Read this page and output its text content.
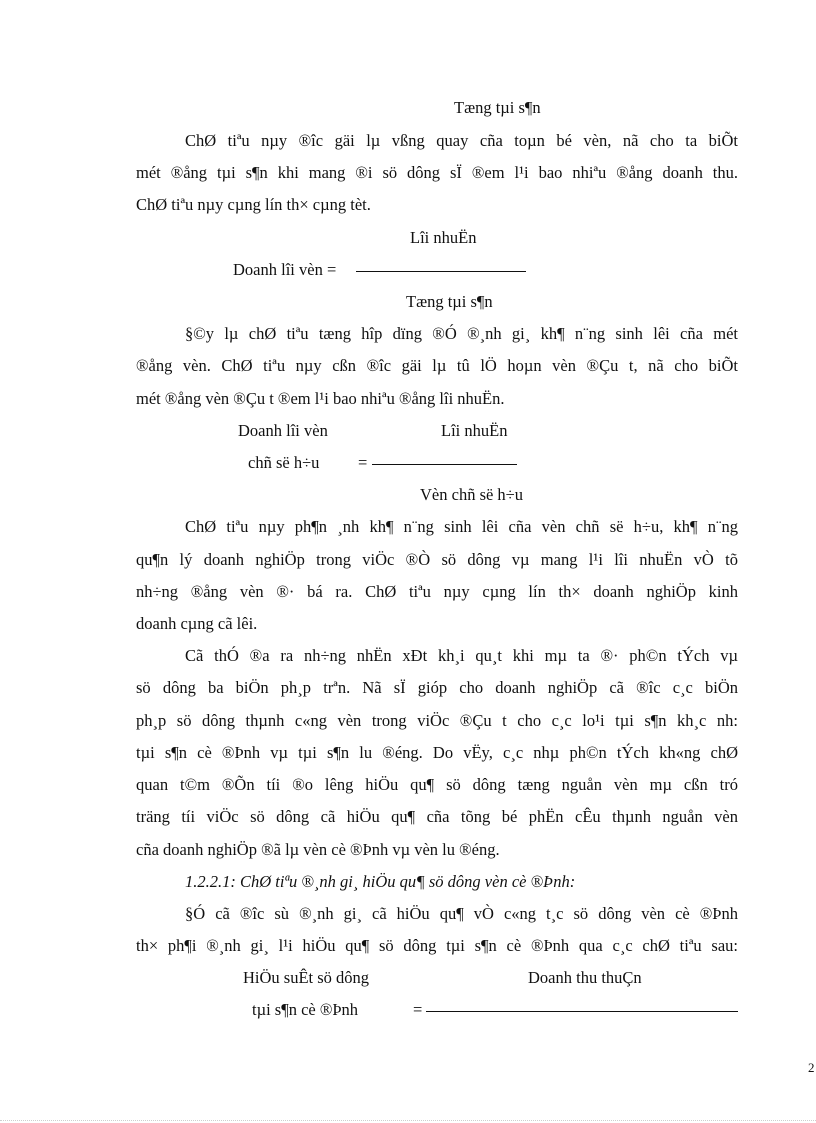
Tæng tµi s¶n
ChØ tiªu nµy ®îc gäi lµ vßng quay cña toµn bé vèn, nã cho ta biÕt
mét ®ång tµi s¶n khi mang ®i sö dông sÏ ®em l¹i bao nhiªu ®ång doanh thu.
ChØ tiªu nµy cµng lín th× cµng tèt.
Lîi nhuËn
Doanh lîi vèn =
Tæng tµi s¶n
§©y lµ chØ tiªu tæng hîp dïng ®Ó ®¸nh gi¸ kh¶ n¨ng sinh lêi cña mét
®ång vèn. ChØ tiªu nµy cßn ®îc gäi lµ tû lÖ hoµn vèn ®Çu t, nã cho biÕt
mét ®ång vèn ®Çu t ®em l¹i bao nhiªu ®ång lîi nhuËn.
Doanh lîi vèn	Lîi nhuËn
chñ së h÷u =
Vèn chñ së h÷u
ChØ tiªu nµy ph¶n ¸nh kh¶ n¨ng sinh lêi cña vèn chñ së h÷u, kh¶ n¨ng
qu¶n lý doanh nghiÖp trong viÖc ®Ò sö dông vµ mang l¹i lîi nhuËn vÒ tõ
nh÷ng ®ång vèn ®· bá ra. ChØ tiªu nµy cµng lín th× doanh nghiÖp kinh
doanh cµng cã lêi.
Cã thÓ ®a ra nh÷ng nhËn xÐt kh¸i qu¸t khi mµ ta ®· ph©n tÝch vµ
sö dông ba biÖn ph¸p trªn. Nã sÏ gióp cho doanh nghiÖp cã ®îc c¸c biÖn
ph¸p sö dông thµnh c«ng vèn trong viÖc ®Çu t cho c¸c lo¹i tµi s¶n kh¸c nh:
tµi s¶n cè ®Þnh vµ tµi s¶n lu ®éng. Do vËy, c¸c nhµ ph©n tÝch kh«ng chØ
quan t©m ®Õn tíi ®o lêng hiÖu qu¶ sö dông tæng nguån vèn mµ cßn tró
träng tíi viÖc sö dông cã hiÖu qu¶ cña tõng bé phËn cÊu thµnh nguån vèn
cña doanh nghiÖp ®ã lµ vèn cè ®Þnh vµ vèn lu ®éng.
1.2.2.1: ChØ tiªu ®¸nh gi¸ hiÖu qu¶ sö dông vèn cè ®Þnh:
§Ó cã ®îc sù ®¸nh gi¸ cã hiÖu qu¶ vÒ c«ng t¸c sö dông vèn cè ®Þnh
th× ph¶i ®¸nh gi¸ l¹i hiÖu qu¶ sö dông tµi s¶n cè ®Þnh qua c¸c chØ tiªu sau:
HiÖu suÊt sö dông	Doanh thu thuÇn
tµi s¶n cè ®Þnh	=
2
